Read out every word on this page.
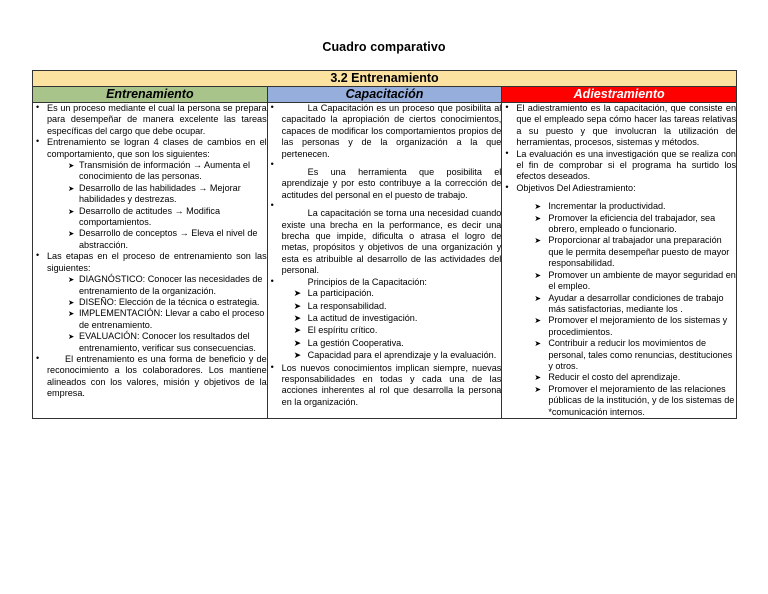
Cuadro comparativo
3.2 Entrenamiento		
Entrenamiento	Capacitación	Adiestramiento

• Es un proceso mediante el cual la persona se prepara para desempeñar de manera excelente las tareas específicas del cargo que debe ocupar.
• Entrenamiento se logran 4 clases de cambios en el comportamiento, que son los siguientes:
➤ Transmisión de información → Aumenta el conocimiento de las personas.
➤ Desarrollo de las habilidades → Mejorar habilidades y destrezas.
➤ Desarrollo de actitudes → Modifica comportamientos.
➤ Desarrollo de conceptos → Eleva el nivel de abstracción.
• Las etapas en el proceso de entrenamiento son las siguientes:
➤ DIAGNÓSTICO: Conocer las necesidades de entrenamiento de la organización.
➤ DISEÑO: Elección de la técnica o estrategia.
➤ IMPLEMENTACIÓN: Llevar a cabo el proceso de entrenamiento.
➤ EVALUACIÓN: Conocer los resultados del entrenamiento, verificar sus consecuencias.
• El entrenamiento es una forma de beneficio y de reconocimiento a los colaboradores. Los mantiene alineados con los valores, misión y objetivos de la empresa.

• La Capacitación es un proceso que posibilita al capacitado la apropiación de ciertos conocimientos, capaces de modificar los comportamientos propios de las personas y de la organización a la que pertenecen.
• Es una herramienta que posibilita el aprendizaje y por esto contribuye a la corrección de actitudes del personal en el puesto de trabajo.
• La capacitación se torna una necesidad cuando existe una brecha en la performance, es decir una brecha que impide, dificulta o atrasa el logro de metas, propósitos y objetivos de una organización y esta es atribuible al desarrollo de las actividades del personal.
• Principios de la Capacitación:
➤ La participación.
➤ La responsabilidad.
➤ La actitud de investigación.
➤ El espíritu crítico.
➤ La gestión Cooperativa.
➤ Capacidad para el aprendizaje y la evaluación.
• Los nuevos conocimientos implican siempre, nuevas responsabilidades en todas y cada una de las acciones inherentes al rol que desarrolla la persona en la organización.

• El adiestramiento es la capacitación, que consiste en que el empleado sepa cómo hacer las tareas relativas a su puesto y que involucran la utilización de herramientas, procesos, sistemas y métodos.
• La evaluación es una investigación que se realiza con el fin de comprobar si el programa ha surtido los efectos deseados.
• Objetivos Del Adiestramiento:
➤ Incrementar la productividad.
➤ Promover la eficiencia del trabajador, sea obrero, empleado o funcionario.
➤ Proporcionar al trabajador una preparación que le permita desempeñar puesto de mayor responsabilidad.
➤ Promover un ambiente de mayor seguridad en el empleo.
➤ Ayudar a desarrollar condiciones de trabajo más satisfactorias, mediante los .
➤ Promover el mejoramiento de los sistemas y procedimientos.
➤ Contribuir a reducir los movimientos de personal, tales como renuncias, destituciones y otros.
➤ Reducir el costo del aprendizaje.
➤ Promover el mejoramiento de las relaciones públicas de la institución, y de los sistemas de *comunicación internos.
